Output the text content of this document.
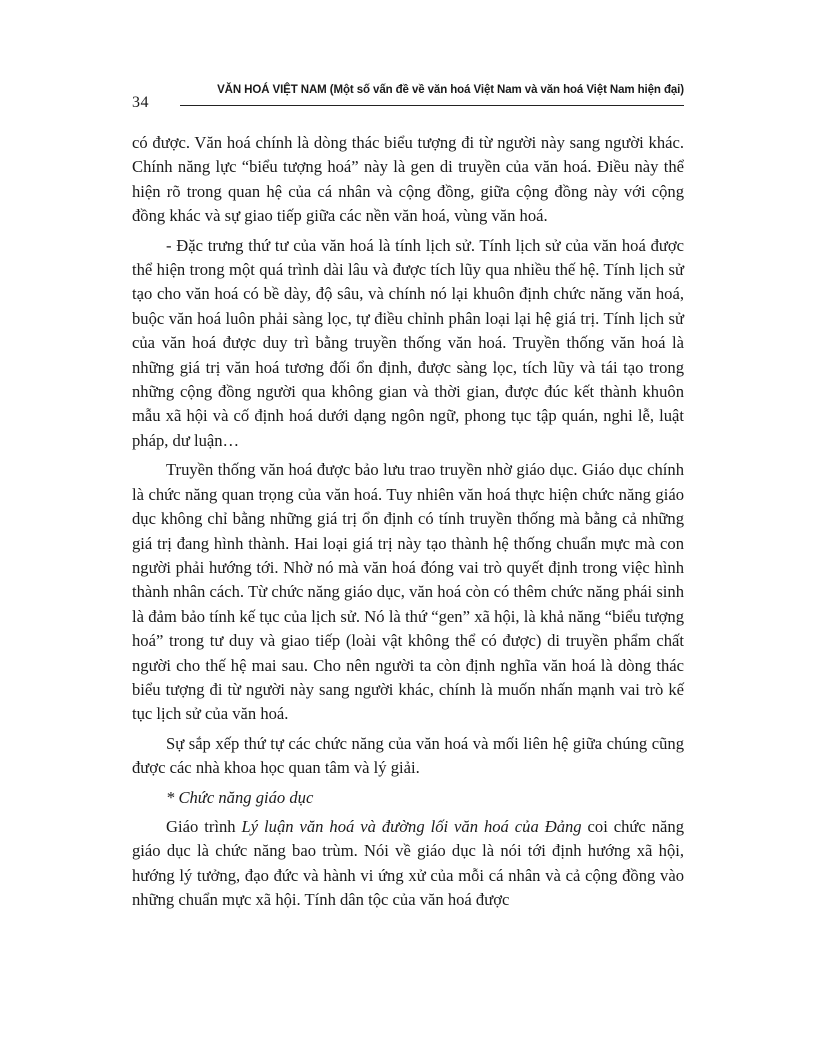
34
VĂN HOÁ VIỆT NAM (Một số vấn đề về văn hoá Việt Nam và văn hoá Việt Nam hiện đại)

có được. Văn hoá chính là dòng thác biểu tượng đi từ người này sang người khác. Chính năng lực “biểu tượng hoá” này là gen di truyền của văn hoá. Điều này thể hiện rõ trong quan hệ của cá nhân và cộng đồng, giữa cộng đồng này với cộng đồng khác và sự giao tiếp giữa các nền văn hoá, vùng văn hoá.

- Đặc trưng thứ tư của văn hoá là tính lịch sử. Tính lịch sử của văn hoá được thể hiện trong một quá trình dài lâu và được tích lũy qua nhiều thế hệ. Tính lịch sử tạo cho văn hoá có bề dày, độ sâu, và chính nó lại khuôn định chức năng văn hoá, buộc văn hoá luôn phải sàng lọc, tự điều chỉnh phân loại lại hệ giá trị. Tính lịch sử của văn hoá được duy trì bằng truyền thống văn hoá. Truyền thống văn hoá là những giá trị văn hoá tương đối ổn định, được sàng lọc, tích lũy và tái tạo trong những cộng đồng người qua không gian và thời gian, được đúc kết thành khuôn mẫu xã hội và cố định hoá dưới dạng ngôn ngữ, phong tục tập quán, nghi lễ, luật pháp, dư luận…

Truyền thống văn hoá được bảo lưu trao truyền nhờ giáo dục. Giáo dục chính là chức năng quan trọng của văn hoá. Tuy nhiên văn hoá thực hiện chức năng giáo dục không chỉ bằng những giá trị ổn định có tính truyền thống mà bằng cả những giá trị đang hình thành. Hai loại giá trị này tạo thành hệ thống chuẩn mực mà con người phải hướng tới. Nhờ nó mà văn hoá đóng vai trò quyết định trong việc hình thành nhân cách. Từ chức năng giáo dục, văn hoá còn có thêm chức năng phái sinh là đảm bảo tính kế tục của lịch sử. Nó là thứ “gen” xã hội, là khả năng “biểu tượng hoá” trong tư duy và giao tiếp (loài vật không thể có được) di truyền phẩm chất người cho thế hệ mai sau. Cho nên người ta còn định nghĩa văn hoá là dòng thác biểu tượng đi từ người này sang người khác, chính là muốn nhấn mạnh vai trò kế tục lịch sử của văn hoá.

Sự sắp xếp thứ tự các chức năng của văn hoá và mối liên hệ giữa chúng cũng được các nhà khoa học quan tâm và lý giải.

* Chức năng giáo dục

Giáo trình Lý luận văn hoá và đường lối văn hoá của Đảng coi chức năng giáo dục là chức năng bao trùm. Nói về giáo dục là nói tới định hướng xã hội, hướng lý tưởng, đạo đức và hành vi ứng xử của mỗi cá nhân và cả cộng đồng vào những chuẩn mực xã hội. Tính dân tộc của văn hoá được
